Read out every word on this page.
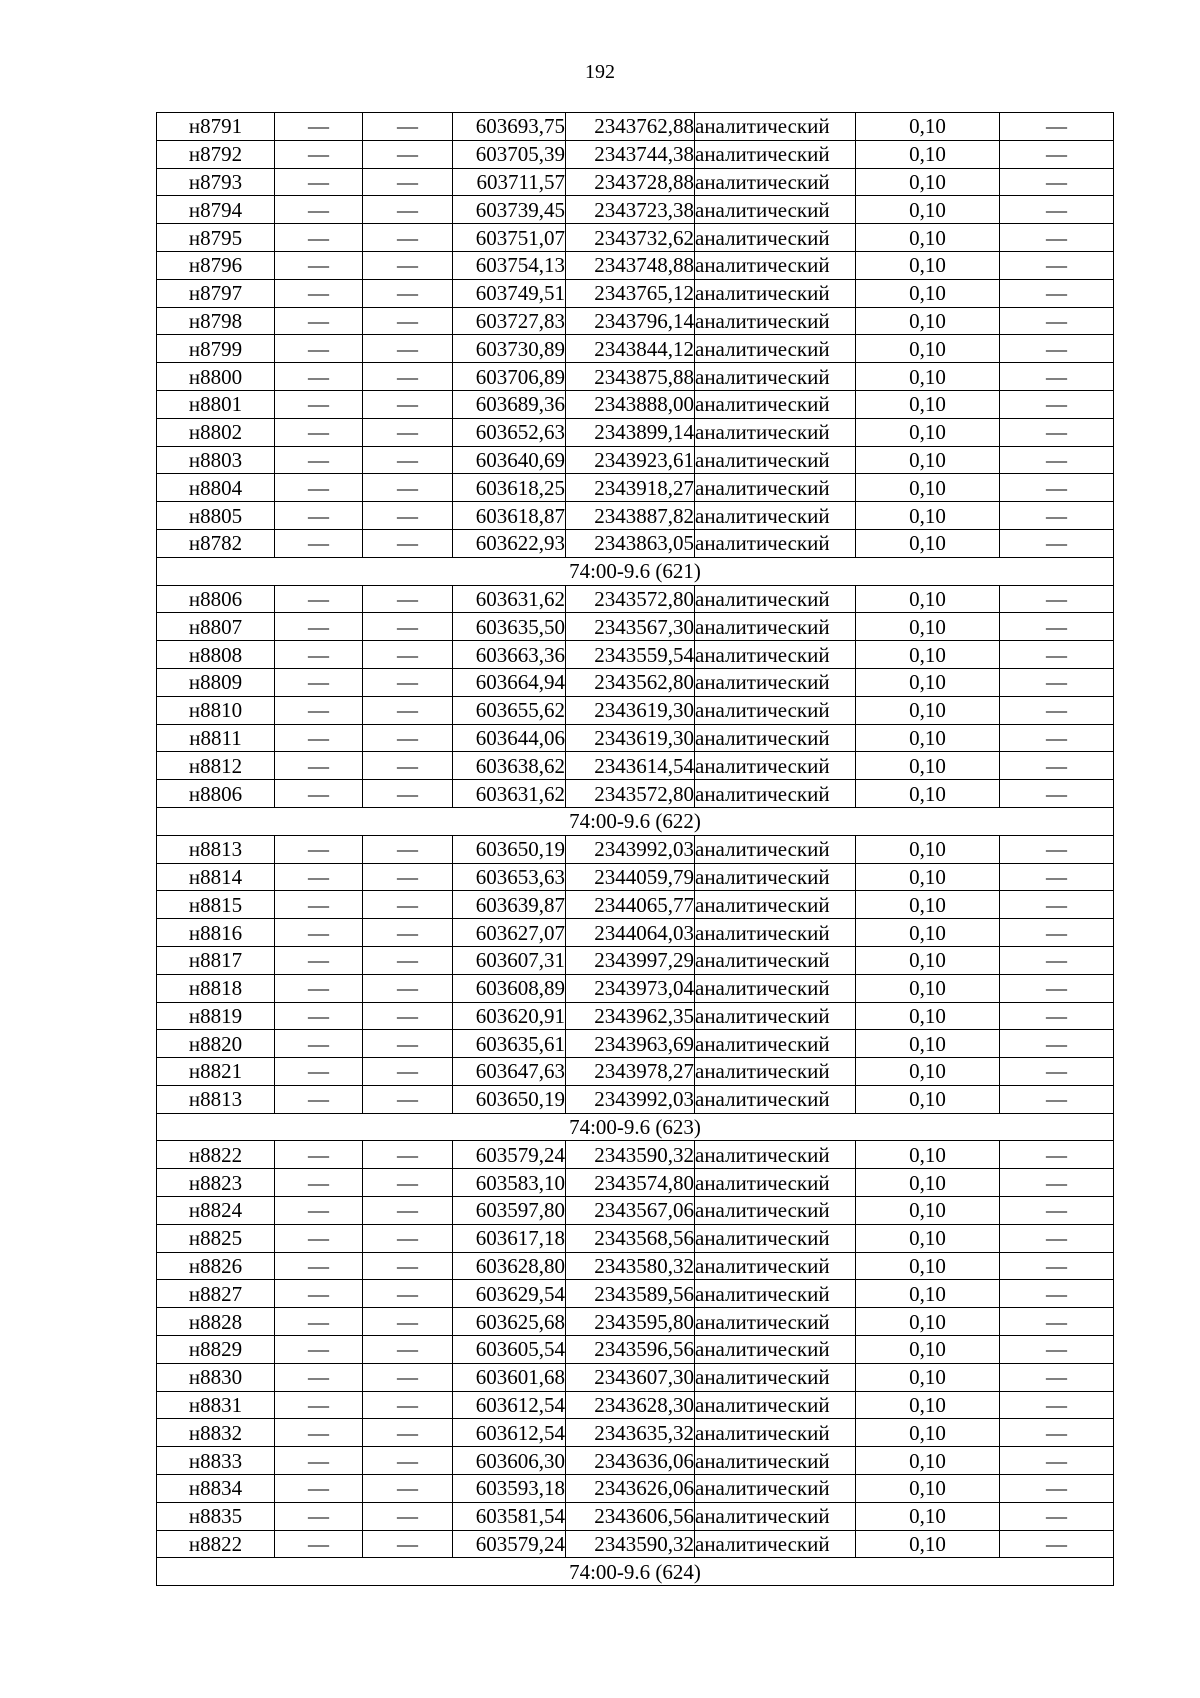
192
н8791	—	—	603693,75	2343762,88	аналитический	0,10	—
н8792	—	—	603705,39	2343744,38	аналитический	0,10	—
н8793	—	—	603711,57	2343728,88	аналитический	0,10	—
н8794	—	—	603739,45	2343723,38	аналитический	0,10	—
н8795	—	—	603751,07	2343732,62	аналитический	0,10	—
н8796	—	—	603754,13	2343748,88	аналитический	0,10	—
н8797	—	—	603749,51	2343765,12	аналитический	0,10	—
н8798	—	—	603727,83	2343796,14	аналитический	0,10	—
н8799	—	—	603730,89	2343844,12	аналитический	0,10	—
н8800	—	—	603706,89	2343875,88	аналитический	0,10	—
н8801	—	—	603689,36	2343888,00	аналитический	0,10	—
н8802	—	—	603652,63	2343899,14	аналитический	0,10	—
н8803	—	—	603640,69	2343923,61	аналитический	0,10	—
н8804	—	—	603618,25	2343918,27	аналитический	0,10	—
н8805	—	—	603618,87	2343887,82	аналитический	0,10	—
н8782	—	—	603622,93	2343863,05	аналитический	0,10	—
74:00-9.6 (621)							
н8806	—	—	603631,62	2343572,80	аналитический	0,10	—
н8807	—	—	603635,50	2343567,30	аналитический	0,10	—
н8808	—	—	603663,36	2343559,54	аналитический	0,10	—
н8809	—	—	603664,94	2343562,80	аналитический	0,10	—
н8810	—	—	603655,62	2343619,30	аналитический	0,10	—
н8811	—	—	603644,06	2343619,30	аналитический	0,10	—
н8812	—	—	603638,62	2343614,54	аналитический	0,10	—
н8806	—	—	603631,62	2343572,80	аналитический	0,10	—
74:00-9.6 (622)							
н8813	—	—	603650,19	2343992,03	аналитический	0,10	—
н8814	—	—	603653,63	2344059,79	аналитический	0,10	—
н8815	—	—	603639,87	2344065,77	аналитический	0,10	—
н8816	—	—	603627,07	2344064,03	аналитический	0,10	—
н8817	—	—	603607,31	2343997,29	аналитический	0,10	—
н8818	—	—	603608,89	2343973,04	аналитический	0,10	—
н8819	—	—	603620,91	2343962,35	аналитический	0,10	—
н8820	—	—	603635,61	2343963,69	аналитический	0,10	—
н8821	—	—	603647,63	2343978,27	аналитический	0,10	—
н8813	—	—	603650,19	2343992,03	аналитический	0,10	—
74:00-9.6 (623)							
н8822	—	—	603579,24	2343590,32	аналитический	0,10	—
н8823	—	—	603583,10	2343574,80	аналитический	0,10	—
н8824	—	—	603597,80	2343567,06	аналитический	0,10	—
н8825	—	—	603617,18	2343568,56	аналитический	0,10	—
н8826	—	—	603628,80	2343580,32	аналитический	0,10	—
н8827	—	—	603629,54	2343589,56	аналитический	0,10	—
н8828	—	—	603625,68	2343595,80	аналитический	0,10	—
н8829	—	—	603605,54	2343596,56	аналитический	0,10	—
н8830	—	—	603601,68	2343607,30	аналитический	0,10	—
н8831	—	—	603612,54	2343628,30	аналитический	0,10	—
н8832	—	—	603612,54	2343635,32	аналитический	0,10	—
н8833	—	—	603606,30	2343636,06	аналитический	0,10	—
н8834	—	—	603593,18	2343626,06	аналитический	0,10	—
н8835	—	—	603581,54	2343606,56	аналитический	0,10	—
н8822	—	—	603579,24	2343590,32	аналитический	0,10	—
74:00-9.6 (624)							
